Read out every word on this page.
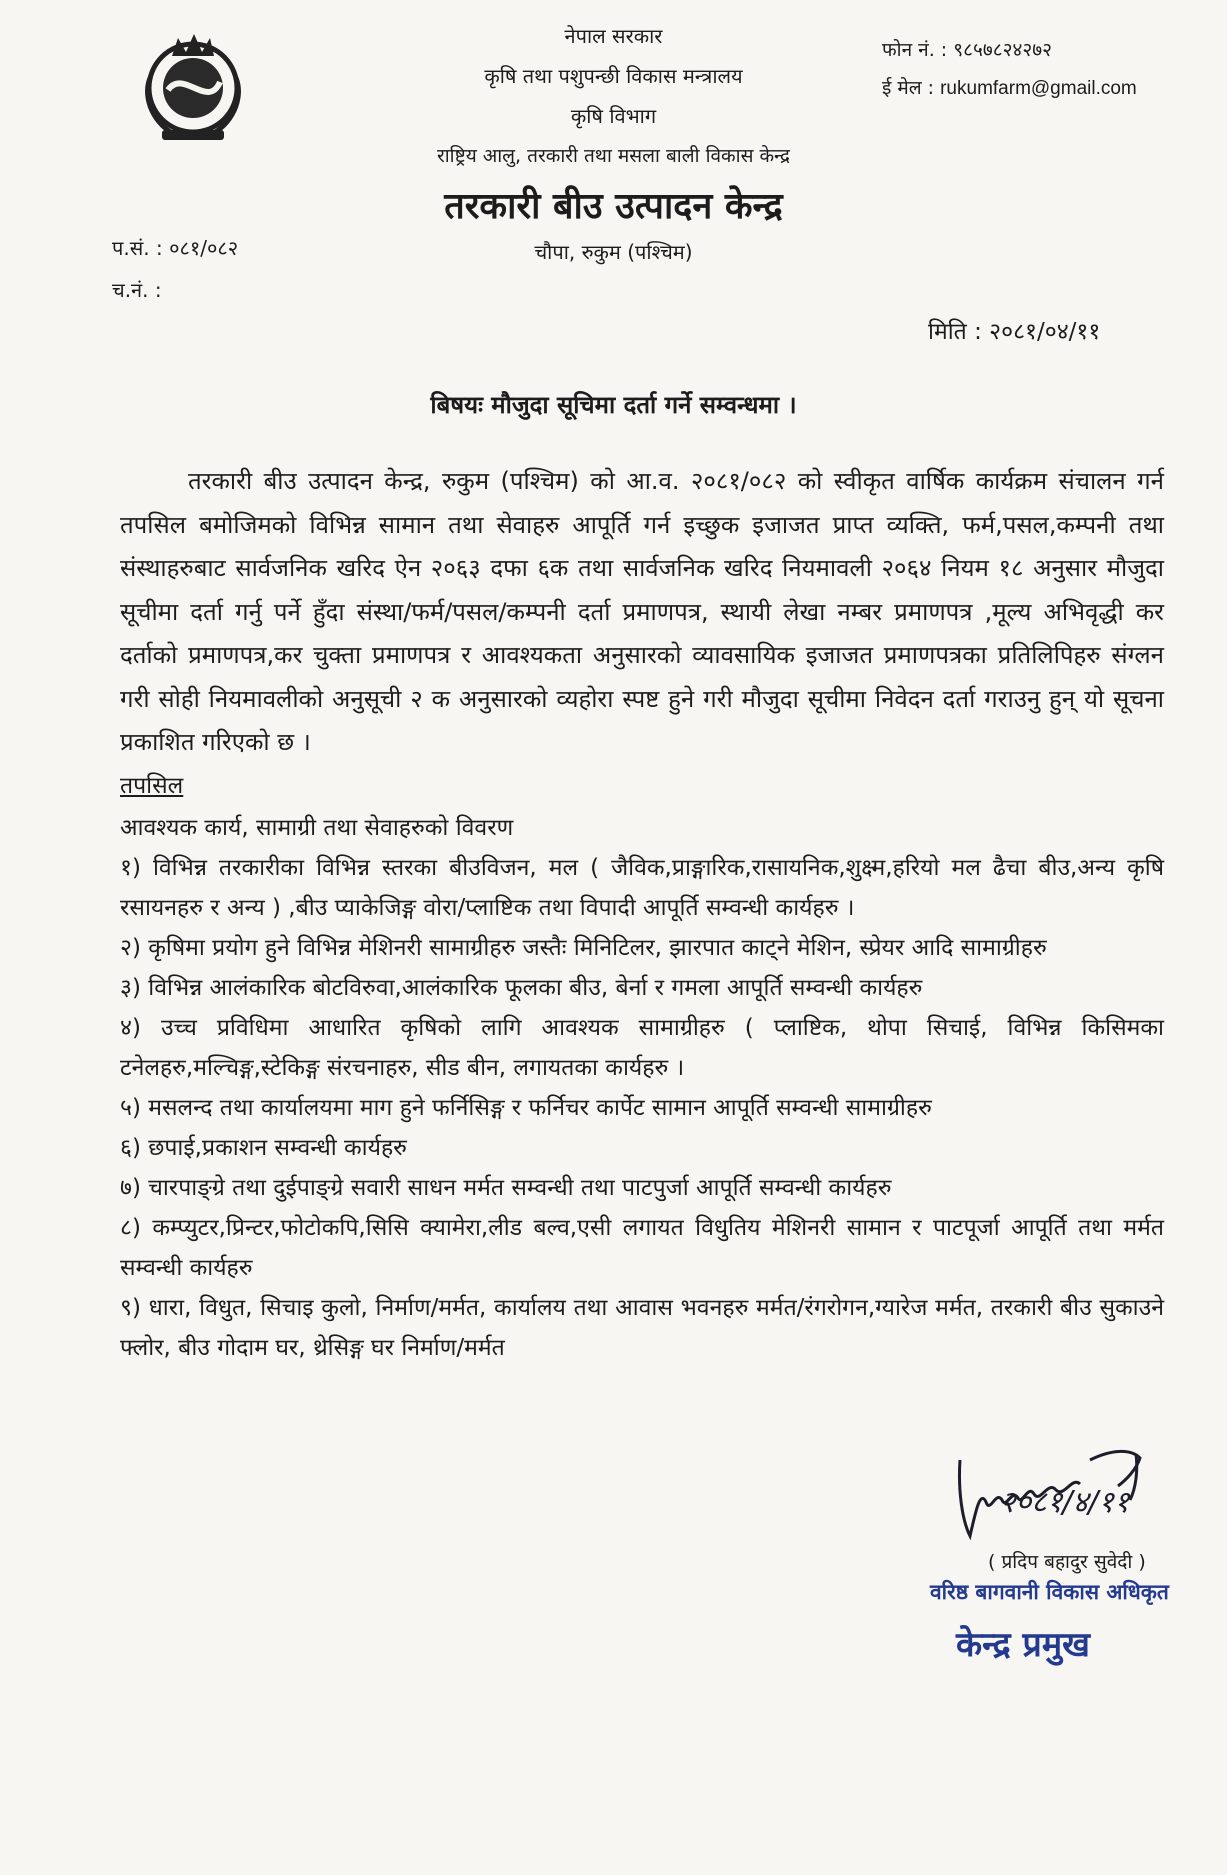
नेपाल सरकार
कृषि तथा पशुपन्छी विकास मन्त्रालय
कृषि विभाग
राष्ट्रिय आलु, तरकारी तथा मसला बाली विकास केन्द्र
तरकारी बीउ उत्पादन केन्द्र
चौपा, रुकुम (पश्चिम)
फोन नं. : ९८५७८२४२७२
ई मेल : rukumfarm@gmail.com
प.सं. : ०८१/०८२
च.नं. :
मिति : २०८१/०४/११
बिषयः मौजुदा सूचिमा दर्ता गर्ने सम्वन्धमा ।
तरकारी बीउ उत्पादन केन्द्र, रुकुम (पश्चिम) को आ.व. २०८१/०८२ को स्वीकृत वार्षिक कार्यक्रम संचालन गर्न तपसिल बमोजिमको विभिन्न सामान तथा सेवाहरु आपूर्ति गर्न इच्छुक इजाजत प्राप्त व्यक्ति, फर्म,पसल,कम्पनी तथा संस्थाहरुबाट सार्वजनिक खरिद ऐन २०६३ दफा ६क तथा सार्वजनिक खरिद नियमावली २०६४ नियम १८ अनुसार मौजुदा सूचीमा दर्ता गर्नु पर्ने हुँदा संस्था/फर्म/पसल/कम्पनी दर्ता प्रमाणपत्र, स्थायी लेखा नम्बर प्रमाणपत्र ,मूल्य अभिवृद्धी कर दर्ताको प्रमाणपत्र,कर चुक्ता प्रमाणपत्र र आवश्यकता अनुसारको व्यावसायिक इजाजत प्रमाणपत्रका प्रतिलिपिहरु संग्लन गरी सोही नियमावलीको अनुसूची २ क अनुसारको व्यहोरा स्पष्ट हुने गरी मौजुदा सूचीमा निवेदन दर्ता गराउनु हुन् यो सूचना प्रकाशित गरिएको छ ।
तपसिल
आवश्यक कार्य, सामाग्री तथा सेवाहरुको विवरण

१) विभिन्न तरकारीका विभिन्न स्तरका बीउविजन, मल ( जैविक,प्राङ्गारिक,रासायनिक,शुक्ष्म,हरियो मल ढैचा बीउ,अन्य कृषि रसायनहरु र अन्य ) ,बीउ प्याकेजिङ्ग वोरा/प्लाष्टिक तथा विपादी आपूर्ति सम्वन्धी कार्यहरु ।

२) कृषिमा प्रयोग हुने विभिन्न मेशिनरी सामाग्रीहरु जस्तैः मिनिटिलर, झारपात काट्ने मेशिन, स्प्रेयर आदि सामाग्रीहरु

३) विभिन्न आलंकारिक बोटविरुवा,आलंकारिक फूलका बीउ, बेर्ना र गमला आपूर्ति सम्वन्धी कार्यहरु

४) उच्च प्रविधिमा आधारित कृषिको लागि आवश्यक सामाग्रीहरु ( प्लाष्टिक, थोपा सिचाई, विभिन्न किसिमका टनेलहरु,मल्चिङ्ग,स्टेकिङ्ग संरचनाहरु, सीड बीन, लगायतका कार्यहरु ।

५) मसलन्द तथा कार्यालयमा माग हुने फर्निसिङ्ग र फर्निचर कार्पेट सामान आपूर्ति सम्वन्धी सामाग्रीहरु

६) छपाई,प्रकाशन सम्वन्धी कार्यहरु

७) चारपाङ्ग्रे तथा दुईपाङ्ग्रे सवारी साधन मर्मत सम्वन्धी तथा पाटपुर्जा आपूर्ति सम्वन्धी कार्यहरु

८) कम्प्युटर,प्रिन्टर,फोटोकपि,सिसि क्यामेरा,लीड बल्व,एसी लगायत विधुतिय मेशिनरी सामान र पाटपूर्जा आपूर्ति तथा मर्मत सम्वन्धी कार्यहरु

९) धारा, विधुत, सिचाइ कुलो, निर्माण/मर्मत, कार्यालय तथा आवास भवनहरु मर्मत/रंगरोगन,ग्यारेज मर्मत, तरकारी बीउ सुकाउने फ्लोर, बीउ गोदाम घर, थ्रेसिङ्ग घर निर्माण/मर्मत

२०८१/४/११
( प्रदिप बहादुर सुवेदी )
वरिष्ठ बागवानी विकास अधिकृत
केन्द्र प्रमुख
